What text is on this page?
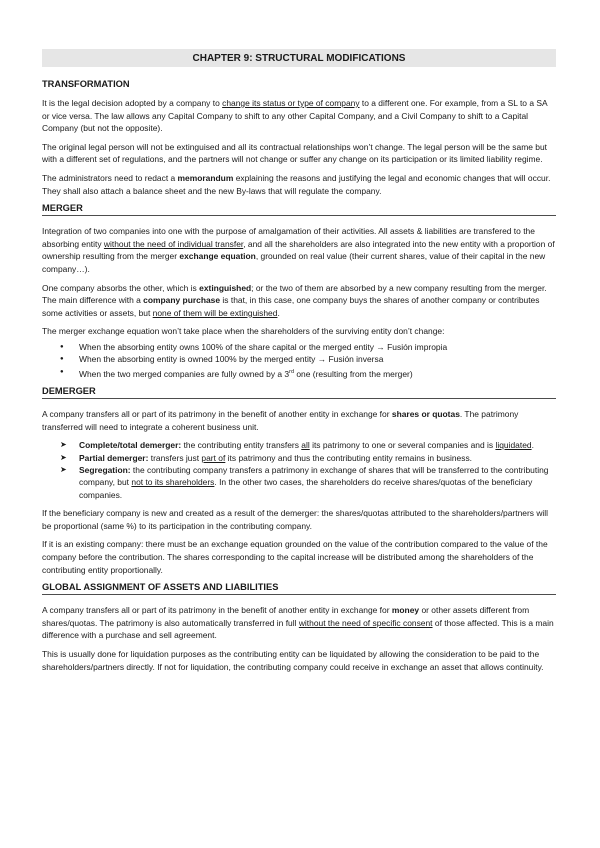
CHAPTER 9: STRUCTURAL MODIFICATIONS
TRANSFORMATION

It is the legal decision adopted by a company to change its status or type of company to a different one. For example, from a SL to a SA or vice versa. The law allows any Capital Company to shift to any other Capital Company, and a Civil Company to shift to a Capital Company (but not the opposite).

The original legal person will not be extinguised and all its contractual relationships won’t change. The legal person will be the same but with a different set of regulations, and the partners will not change or suffer any change on its participation or its limited liability regime.

The administrators need to redact a memorandum explaining the reasons and justifying the legal and economic changes that will occur. They shall also attach a balance sheet and the new By-laws that will regulate the company.

MERGER

Integration of two companies into one with the purpose of amalgamation of their activities. All assets & liabilities are transfered to the absorbing entity without the need of individual transfer, and all the shareholders are also integrated into the new entity with a proportion of ownership resulting from the merger exchange equation, grounded on real value (their current shares, value of their capital in the new company…).

One company absorbs the other, which is extinguished; or the two of them are absorbed by a new company resulting from the merger. The main difference with a company purchase is that, in this case, one company buys the shares of another company or contributes some activities or assets, but none of them will be extinguished.

The merger exchange equation won’t take place when the shareholders of the surviving entity don’t change:

● When the absorbing entity owns 100% of the share capital or the merged entity → Fusión impropia
● When the absorbing entity is owned 100% by the merged entity → Fusión inversa
● When the two merged companies are fully owned by a 3rd one (resulting from the merger)
DEMERGER

A company transfers all or part of its patrimony in the benefit of another entity in exchange for shares or quotas. The patrimony transferred will need to integrate a coherent business unit.

➤ Complete/total demerger: the contributing entity transfers all its patrimony to one or several companies and is liquidated.
➤ Partial demerger: transfers just part of its patrimony and thus the contributing entity remains in business.
➤ Segregation: the contributing company transfers a patrimony in exchange of shares that will be transferred to the contributing company, but not to its shareholders. In the other two cases, the shareholders do receive shares/quotas of the beneficiary companies.

If the beneficiary company is new and created as a result of the demerger: the shares/quotas attributed to the shareholders/partners will be proportional (same %) to its participation in the contributing company.

If it is an existing company: there must be an exchange equation grounded on the value of the contribution compared to the value of the company before the contribution. The shares corresponding to the capital increase will be distributed among the shareholders of the contributing entity proportionally.

GLOBAL ASSIGNMENT OF ASSETS AND LIABILITIES

A company transfers all or part of its patrimony in the benefit of another entity in exchange for money or other assets different from shares/quotas. The patrimony is also automatically transferred in full without the need of specific consent of those affected. This is a main difference with a purchase and sell agreement.

This is usually done for liquidation purposes as the contributing entity can be liquidated by allowing the consideration to be paid to the shareholders/partners directly. If not for liquidation, the contributing company could receive in exchange an asset that allows continuity.
